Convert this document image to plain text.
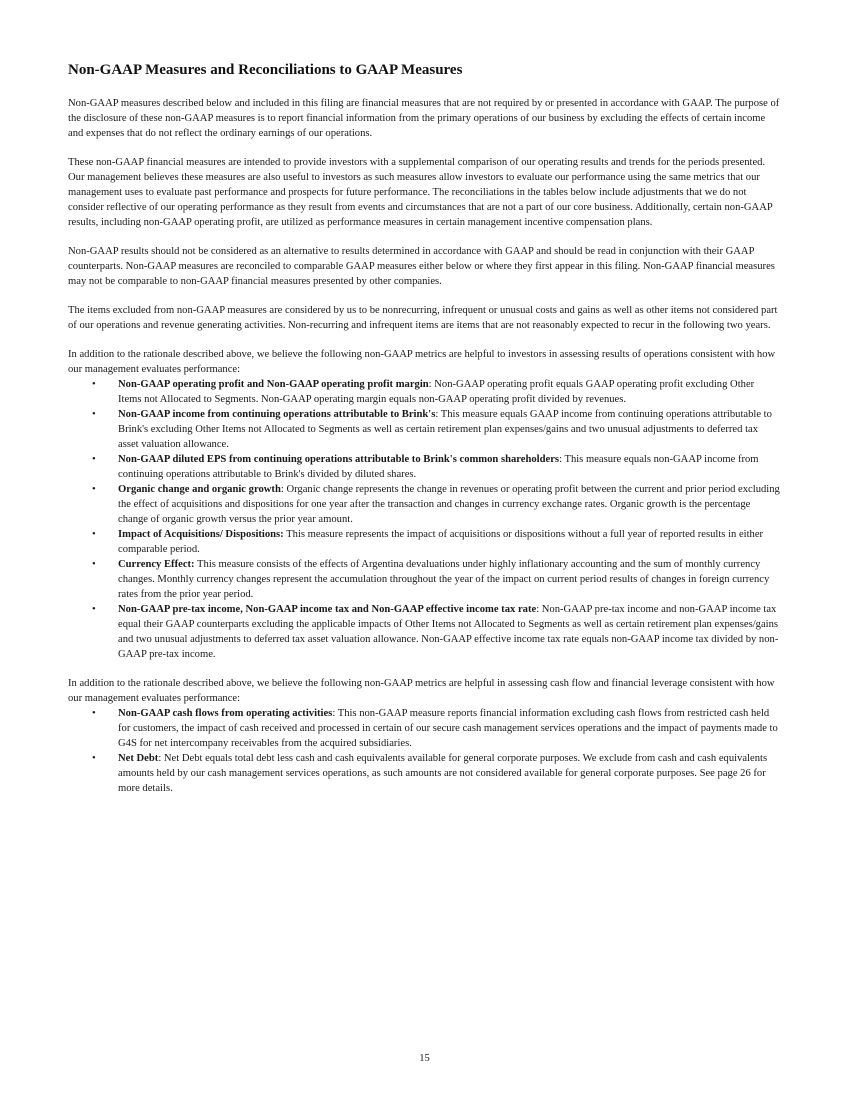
Non-GAAP Measures and Reconciliations to GAAP Measures

Non-GAAP measures described below and included in this filing are financial measures that are not required by or presented in accordance with GAAP. The purpose of the disclosure of these non-GAAP measures is to report financial information from the primary operations of our business by excluding the effects of certain income and expenses that do not reflect the ordinary earnings of our operations.

These non-GAAP financial measures are intended to provide investors with a supplemental comparison of our operating results and trends for the periods presented. Our management believes these measures are also useful to investors as such measures allow investors to evaluate our performance using the same metrics that our management uses to evaluate past performance and prospects for future performance. The reconciliations in the tables below include adjustments that we do not consider reflective of our operating performance as they result from events and circumstances that are not a part of our core business. Additionally, certain non-GAAP results, including non-GAAP operating profit, are utilized as performance measures in certain management incentive compensation plans.

Non-GAAP results should not be considered as an alternative to results determined in accordance with GAAP and should be read in conjunction with their GAAP counterparts. Non-GAAP measures are reconciled to comparable GAAP measures either below or where they first appear in this filing. Non-GAAP financial measures may not be comparable to non-GAAP financial measures presented by other companies.

The items excluded from non-GAAP measures are considered by us to be nonrecurring, infrequent or unusual costs and gains as well as other items not considered part of our operations and revenue generating activities. Non-recurring and infrequent items are items that are not reasonably expected to recur in the following two years.

In addition to the rationale described above, we believe the following non-GAAP metrics are helpful to investors in assessing results of operations consistent with how our management evaluates performance:

• Non-GAAP operating profit and Non-GAAP operating profit margin: Non-GAAP operating profit equals GAAP operating profit excluding Other Items not Allocated to Segments. Non-GAAP operating margin equals non-GAAP operating profit divided by revenues.
• Non-GAAP income from continuing operations attributable to Brink's: This measure equals GAAP income from continuing operations attributable to Brink's excluding Other Items not Allocated to Segments as well as certain retirement plan expenses/gains and two unusual adjustments to deferred tax asset valuation allowance.
• Non-GAAP diluted EPS from continuing operations attributable to Brink's common shareholders: This measure equals non-GAAP income from continuing operations attributable to Brink's divided by diluted shares.
• Organic change and organic growth: Organic change represents the change in revenues or operating profit between the current and prior period excluding the effect of acquisitions and dispositions for one year after the transaction and changes in currency exchange rates. Organic growth is the percentage change of organic growth versus the prior year amount.
• Impact of Acquisitions/ Dispositions: This measure represents the impact of acquisitions or dispositions without a full year of reported results in either comparable period.
• Currency Effect: This measure consists of the effects of Argentina devaluations under highly inflationary accounting and the sum of monthly currency changes. Monthly currency changes represent the accumulation throughout the year of the impact on current period results of changes in foreign currency rates from the prior year period.
• Non-GAAP pre-tax income, Non-GAAP income tax and Non-GAAP effective income tax rate: Non-GAAP pre-tax income and non-GAAP income tax equal their GAAP counterparts excluding the applicable impacts of Other Items not Allocated to Segments as well as certain retirement plan expenses/gains and two unusual adjustments to deferred tax asset valuation allowance. Non-GAAP effective income tax rate equals non-GAAP income tax divided by non-GAAP pre-tax income.

In addition to the rationale described above, we believe the following non-GAAP metrics are helpful in assessing cash flow and financial leverage consistent with how our management evaluates performance:

• Non-GAAP cash flows from operating activities: This non-GAAP measure reports financial information excluding cash flows from restricted cash held for customers, the impact of cash received and processed in certain of our secure cash management services operations and the impact of payments made to G4S for net intercompany receivables from the acquired subsidiaries.
• Net Debt: Net Debt equals total debt less cash and cash equivalents available for general corporate purposes. We exclude from cash and cash equivalents amounts held by our cash management services operations, as such amounts are not considered available for general corporate purposes. See page 26 for more details.
15
